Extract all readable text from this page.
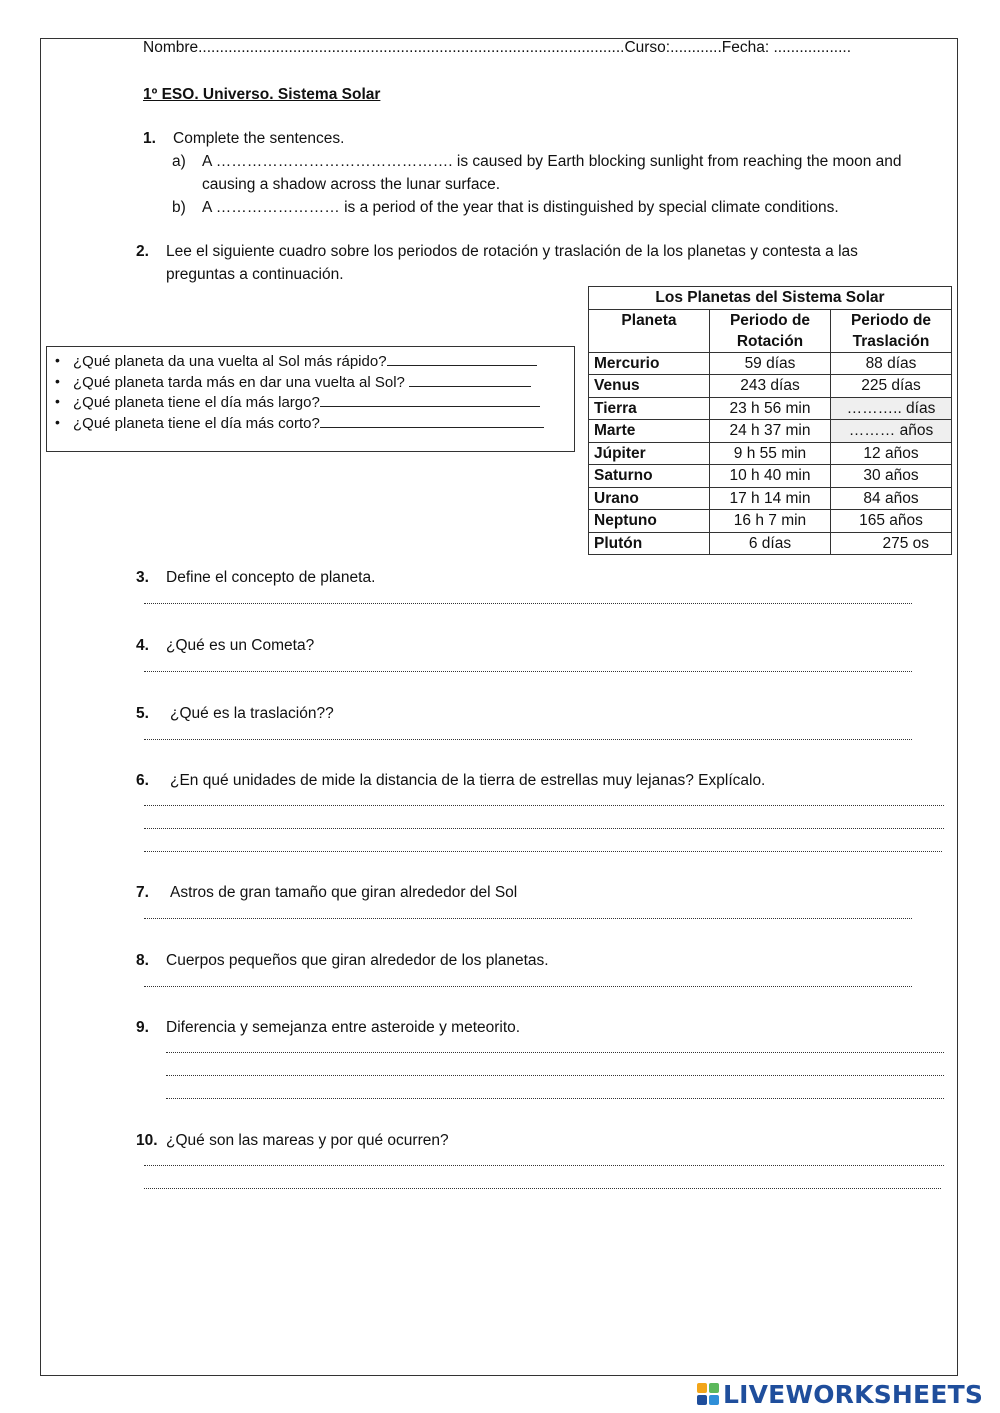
Nombre...................................................................................................Curso:............Fecha: ..................
1º ESO. Universo. Sistema Solar
1. Complete the sentences.
a) A ………………………………………. is caused by Earth blocking sunlight from reaching the moon and
causing a shadow across the lunar surface.
b) A …………………… is a period of the year that is distinguished by special climate conditions.
2. Lee el siguiente cuadro sobre los periodos de rotación y traslación de la los planetas y contesta a las
preguntas a continuación.
• ¿Qué planeta da una vuelta al Sol más rápido?
• ¿Qué planeta tarda más en dar una vuelta al Sol?
• ¿Qué planeta tiene el día más largo?
• ¿Qué planeta tiene el día más corto?
Los Planetas del Sistema Solar		
Planeta	Periodo de Rotación	Periodo de Traslación
Mercurio	59 días	88 días
Venus	243 días	225 días
Tierra	23 h 56 min	……….. días
Marte	24 h 37 min	……… años
Júpiter	9 h 55 min	12 años
Saturno	10 h 40 min	30 años
Urano	17 h 14 min	84 años
Neptuno	16 h 7 min	165 años
Plutón	6 días	275 os
3. Define el concepto de planeta.
4. ¿Qué es un Cometa?
5. ¿Qué es la traslación??
6. ¿En qué unidades de mide la distancia de la tierra de estrellas muy lejanas? Explícalo.
7. Astros de gran tamaño que giran alrededor del Sol
8. Cuerpos pequeños que giran alrededor de los planetas.
9. Diferencia y semejanza entre asteroide y meteorito.
10. ¿Qué son las mareas y por qué ocurren?
LIVEWORKSHEETS
